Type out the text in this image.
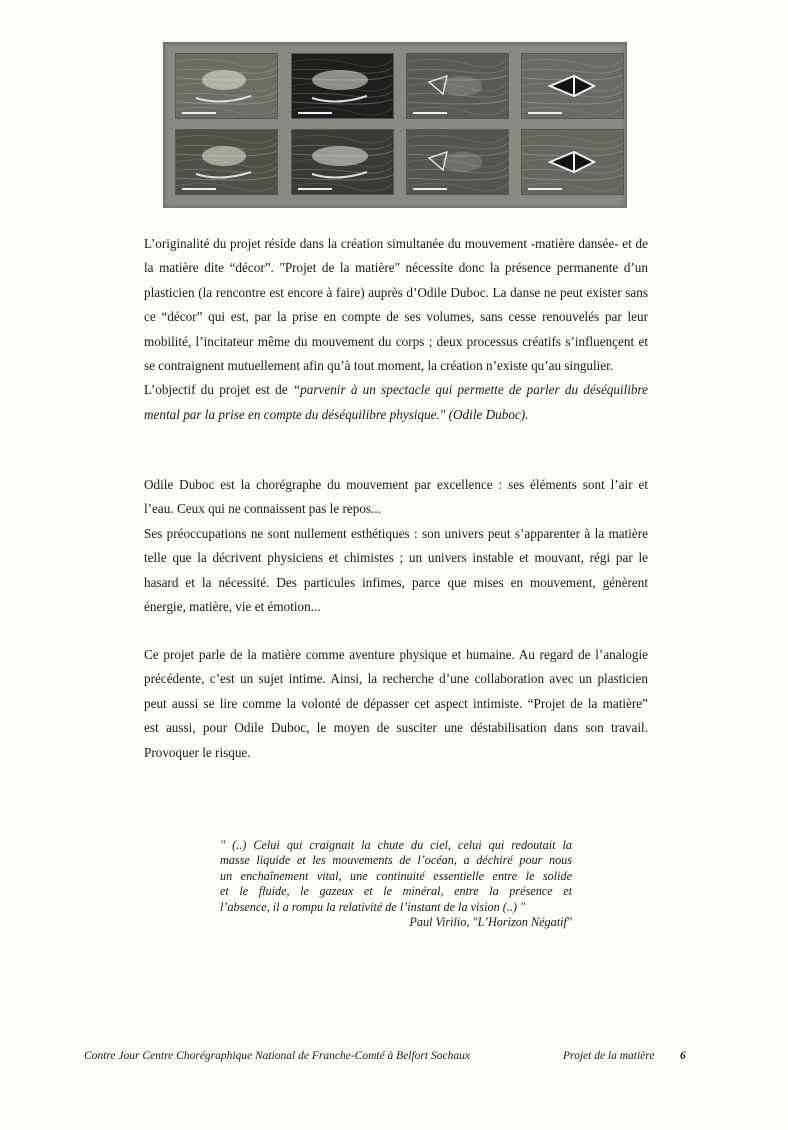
L’originalité du projet réside dans la création simultanée du mouvement -matière dansée- et de
la matière dite “décor”. "Projet de la matière" nécessite donc la présence permanente d’un
plasticien (la rencontre est encore à faire) auprès d’Odile Duboc. La danse ne peut exister sans
ce “décor” qui est, par la prise en compte de ses volumes, sans cesse renouvelés par leur
mobilité, l’incitateur même du mouvement du corps ; deux processus créatifs s’influençent et
se contraignent mutuellement afin qu’à tout moment, la création n’existe qu’au singulier.
L’objectif du projet est de “parvenir à un spectacle qui permette de parler du déséquilibre
mental par la prise en compte du déséquilibre physique." (Odile Duboc).
Odile Duboc est la chorégraphe du mouvement par excellence : ses éléments sont l’air et
l’eau. Ceux qui ne connaissent pas le repos...
Ses préoccupations ne sont nullement esthétiques : son univers peut s’apparenter à la matière
telle que la décrivent physiciens et chimistes ; un univers instable et mouvant, régi par le
hasard et la nécessité. Des particules infimes, parce que mises en mouvement, génèrent
énergie, matière, vie et émotion...
Ce projet parle de la matière comme aventure physique et humaine. Au regard de l’analogie
précédente, c’est un sujet intime. Ainsi, la recherche d’une collaboration avec un plasticien
peut aussi se lire comme la volonté de dépasser cet aspect intimiste. “Projet de la matière”
est aussi, pour Odile Duboc, le moyen de susciter une déstabilisation dans son travail.
Provoquer le risque.
" (..) Celui qui craignait la chute du ciel, celui qui redoutait la
masse liquide et les mouvements de l’océan, a déchiré pour nous
un enchaînement vital, une continuité essentielle entre le solide
et le fluide, le gazeux et le minéral, entre la présence et
l’absence, il a rompu la relativité de l’instant de la vision (..) "
Paul Virilio, "L’Horizon Négatif"
Contre Jour Centre Chorégraphique National de Franche-Comté à Belfort Sochaux	Projet de la matière 6
